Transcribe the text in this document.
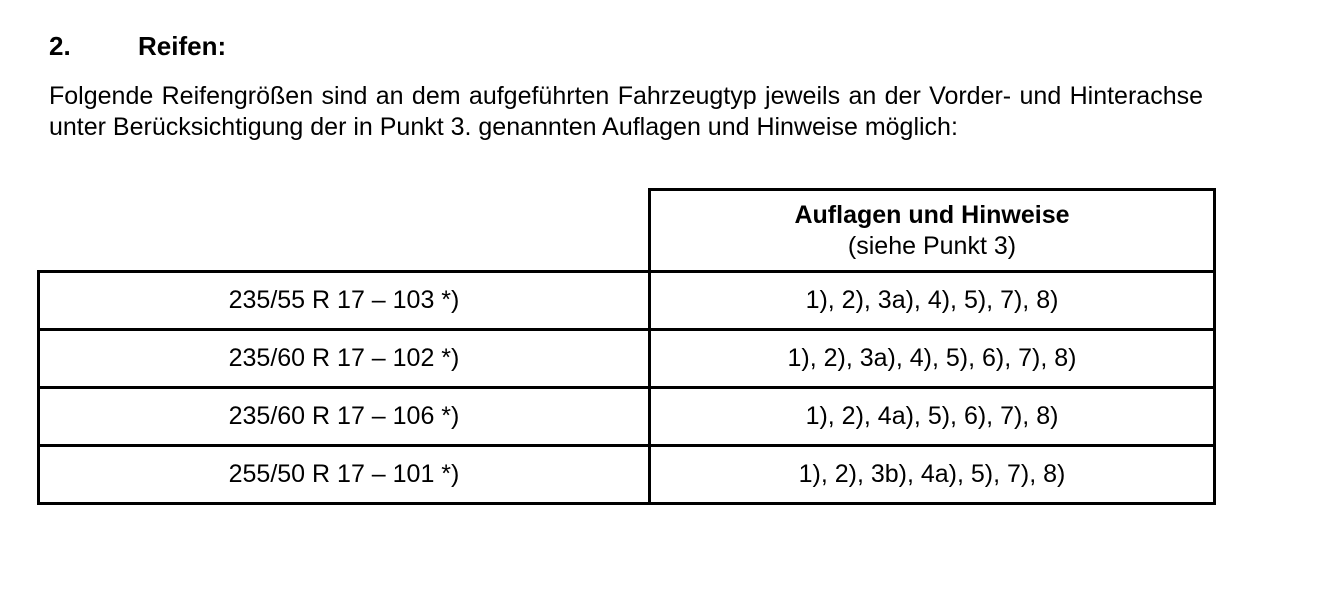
2.	Reifen:

Folgende Reifengrößen sind an dem aufgeführten Fahrzeugtyp jeweils an der Vorder- und Hinterachse unter Berücksichtigung der in Punkt 3. genannten Auflagen und Hinweise möglich:

	Auflagen und Hinweise
(siehe Punkt 3)

235/55 R 17 – 103 *)	1), 2), 3a), 4), 5), 7), 8)
235/60 R 17 – 102 *)	1), 2), 3a), 4), 5), 6), 7), 8)
235/60 R 17 – 106 *)	1), 2), 4a), 5), 6), 7), 8)
255/50 R 17 – 101 *)	1), 2), 3b), 4a), 5), 7), 8)
